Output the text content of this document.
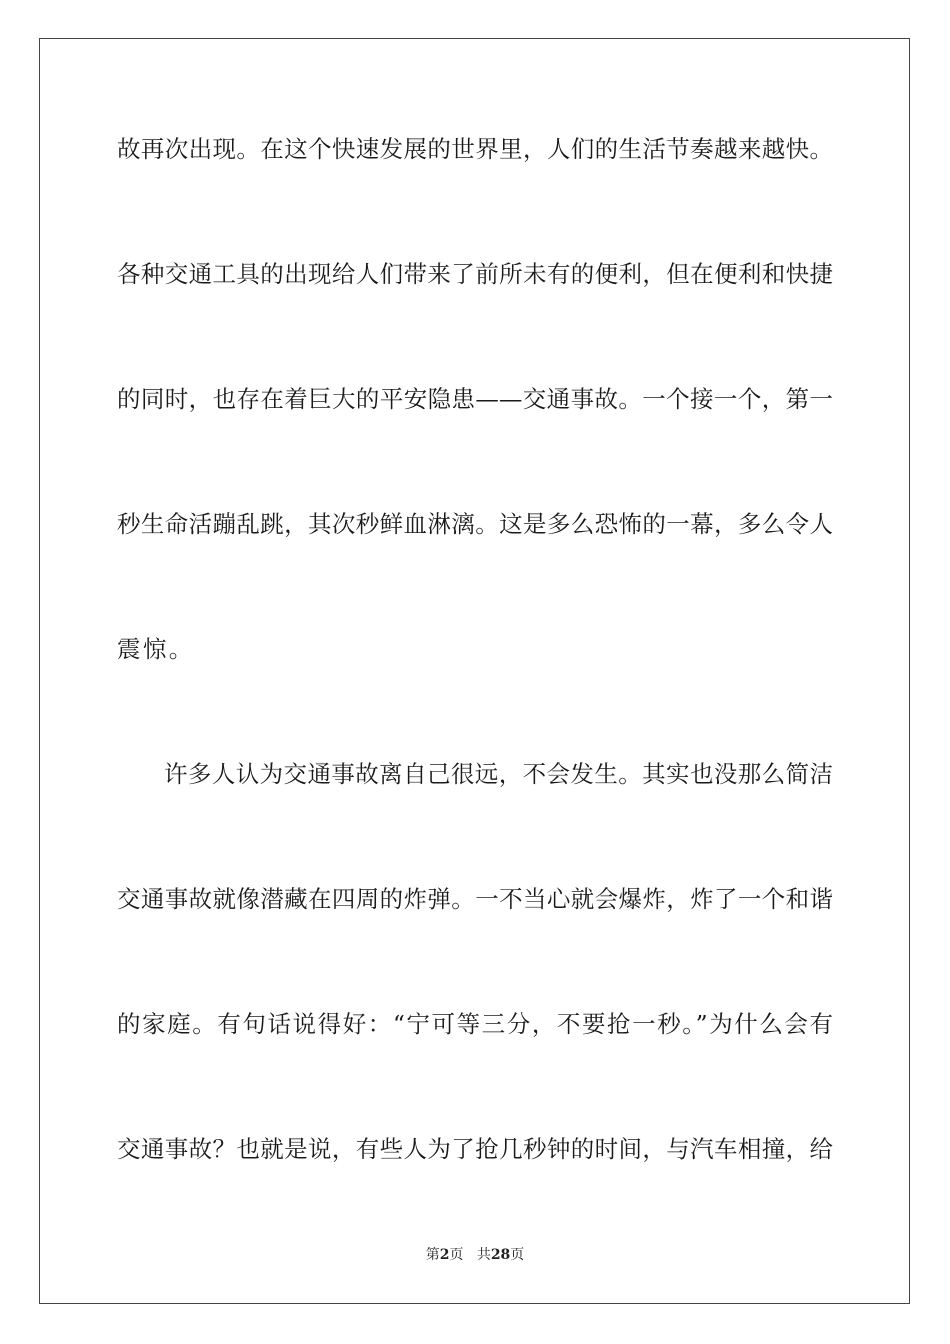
故再次出现。在这个快速发展的世界里，人们的生活节奏越来越快。

各种交通工具的出现给人们带来了前所未有的便利，但在便利和快捷

的同时，也存在着巨大的平安隐患——交通事故。一个接一个，第一

秒生命活蹦乱跳，其次秒鲜血淋漓。这是多么恐怖的一幕，多么令人

震惊。

许多人认为交通事故离自己很远，不会发生。其实也没那么简洁

交通事故就像潜藏在四周的炸弹。一不当心就会爆炸，炸了一个和谐

的家庭。有句话说得好：“宁可等三分，不要抢一秒。”为什么会有

交通事故？也就是说，有些人为了抢几秒钟的时间，与汽车相撞，给

第2页 共28页
